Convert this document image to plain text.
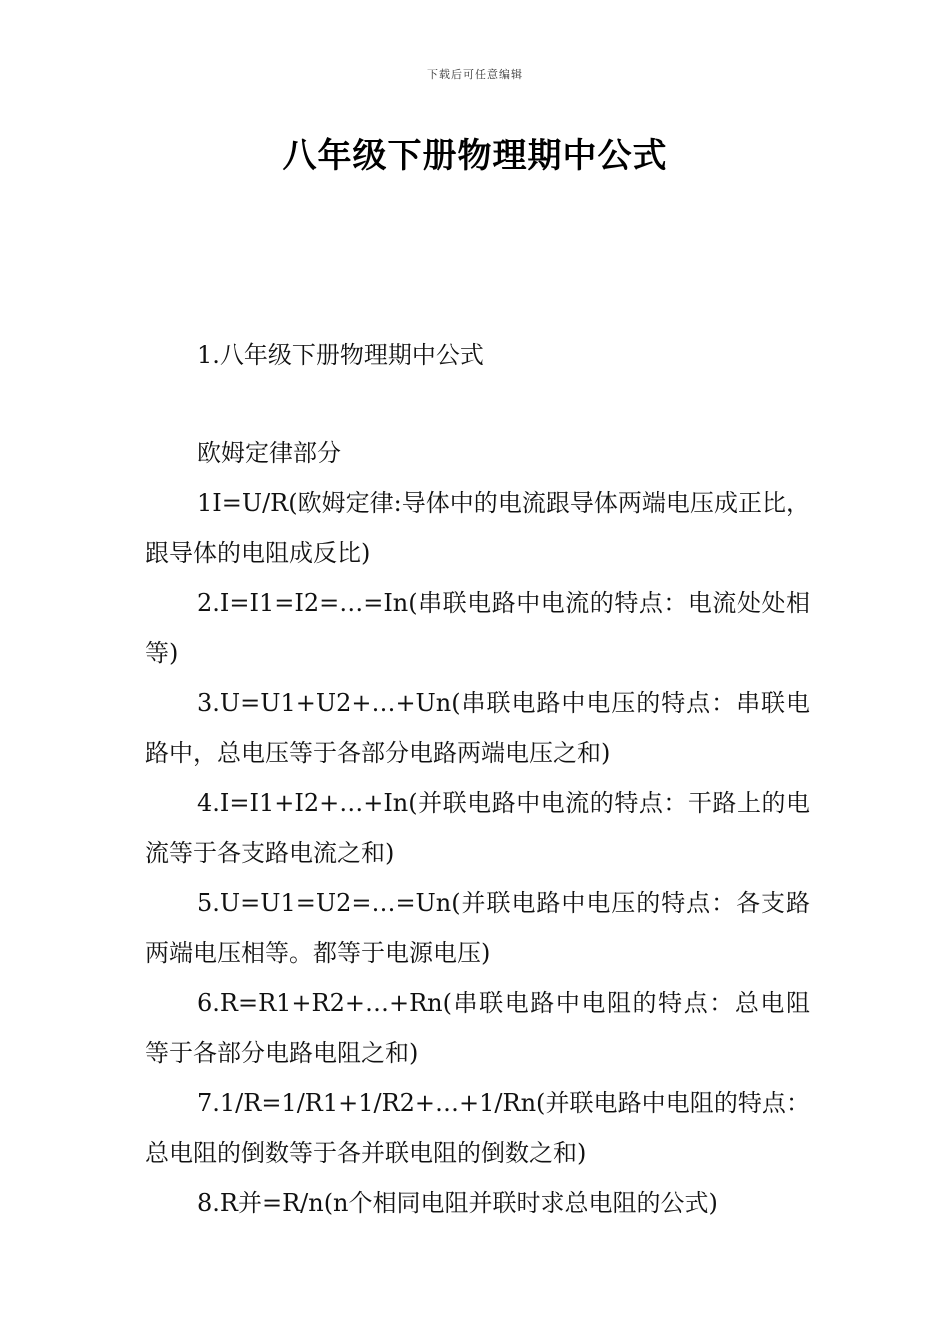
下载后可任意编辑
八年级下册物理期中公式

1.八年级下册物理期中公式

欧姆定律部分

1I=U/R(欧姆定律:导体中的电流跟导体两端电压成正比，跟导体的电阻成反比)
2.I=I1=I2=…=In(串联电路中电流的特点：电流处处相等)
3.U=U1+U2+…+Un(串联电路中电压的特点：串联电路中，总电压等于各部分电路两端电压之和)
4.I=I1+I2+…+In(并联电路中电流的特点：干路上的电流等于各支路电流之和)
5.U=U1=U2=…=Un(并联电路中电压的特点：各支路两端电压相等。都等于电源电压)
6.R=R1+R2+…+Rn(串联电路中电阻的特点：总电阻等于各部分电路电阻之和)
7.1/R=1/R1+1/R2+…+1/Rn(并联电路中电阻的特点：总电阻的倒数等于各并联电阻的倒数之和)
8.R并=R/n(n个相同电阻并联时求总电阻的公式)
